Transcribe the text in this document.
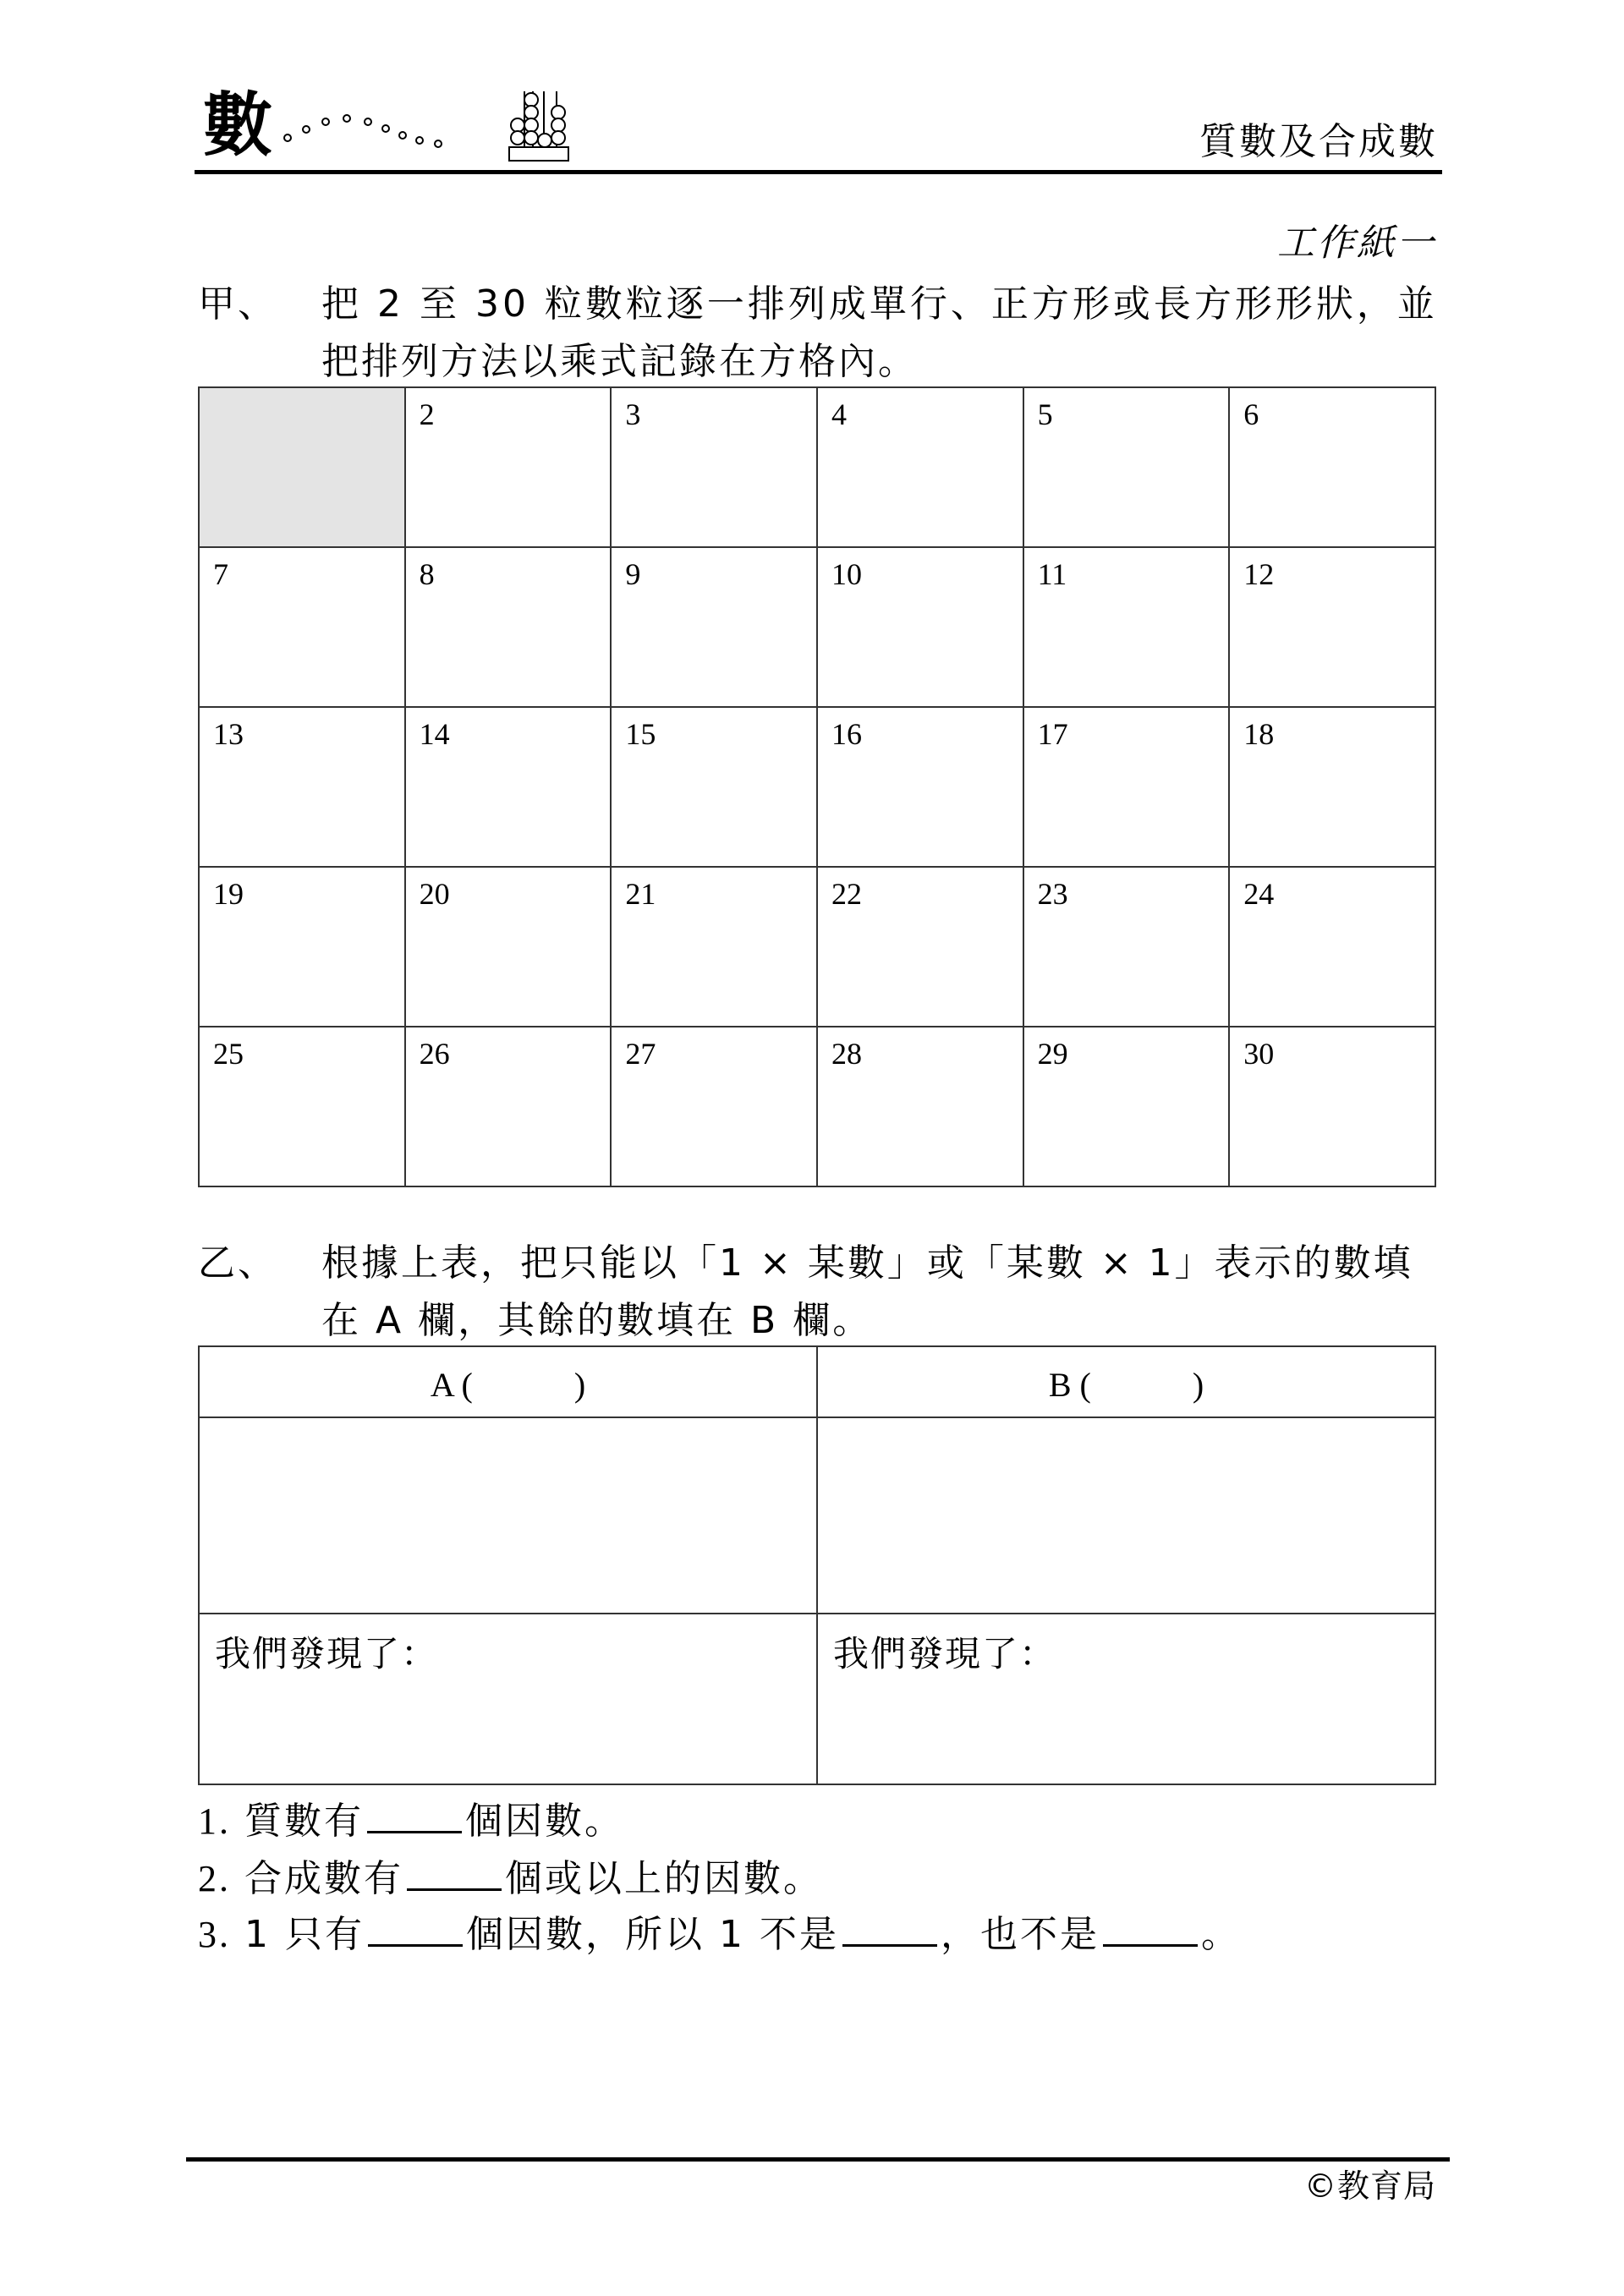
數	質數及合成數
工作紙一
甲、 把 2 至 30 粒數粒逐一排列成單行、正方形或長方形形狀，並
把排列方法以乘式記錄在方格內。

	2	3	4	5	6

7	8	9	10	11	12

13	14	15	16	17	18

19	20	21	22	23	24

25	26	27	28	29	30
乙、 根據上表，把只能以「1 × 某數」或「某數 × 1」表示的數填
在 A 欄，其餘的數填在 B 欄。
A (　　　)	B (　　　)

我們發現了：	我們發現了：
1. 質數有	個因數。
2. 合成數有	個或以上的因數。
3. 1 只有	個因數，所以 1 不是	，也不是	。
©教育局
